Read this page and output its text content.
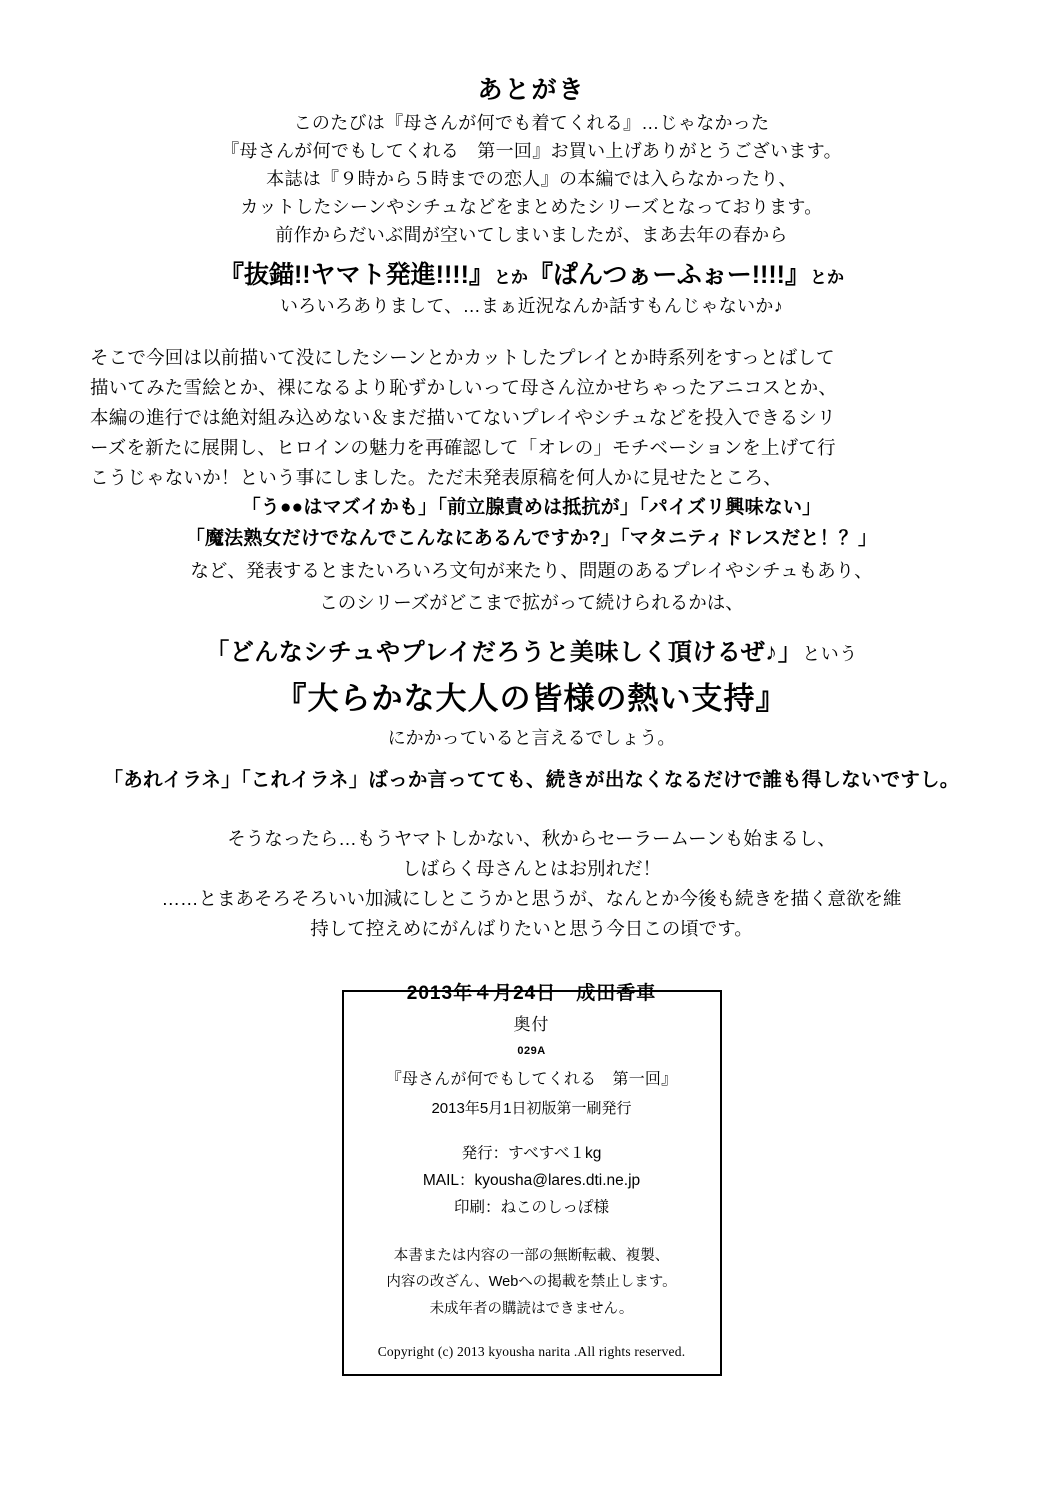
あとがき
このたびは『母さんが何でも着てくれる』…じゃなかった
『母さんが何でもしてくれる　第一回』お買い上げありがとうございます。
本誌は『９時から５時までの恋人』の本編では入らなかったり、
カットしたシーンやシチュなどをまとめたシリーズとなっております。
前作からだいぶ間が空いてしまいましたが、まあ去年の春から
『抜錨!!ヤマト発進!!!!』とか『ぱんつぁーふぉー!!!!』とか
いろいろありまして、…まぁ近況なんか話すもんじゃないか♪
そこで今回は以前描いて没にしたシーンとかカットしたプレイとか時系列をすっとばして
描いてみた雪絵とか、裸になるより恥ずかしいって母さん泣かせちゃったアニコスとか、
本編の進行では絶対組み込めない＆まだ描いてないプレイやシチュなどを投入できるシリ
ーズを新たに展開し、ヒロインの魅力を再確認して「オレの」モチベーションを上げて行
こうじゃないか！という事にしました。ただ未発表原稿を何人かに見せたところ、
「う●●はマズイかも」「前立腺責めは抵抗が」「パイズリ興味ない」
「魔法熟女だけでなんでこんなにあるんですか?」「マタニティドレスだと！？」
など、発表するとまたいろいろ文句が来たり、問題のあるプレイやシチュもあり、
このシリーズがどこまで拡がって続けられるかは、
「どんなシチュやプレイだろうと美味しく頂けるぜ♪」という
『大らかな大人の皆様の熱い支持』
にかかっていると言えるでしょう。
「あれイラネ」「これイラネ」ばっか言ってても、続きが出なくなるだけで誰も得しないですし。
そうなったら…もうヤマトしかない、秋からセーラームーンも始まるし、
しばらく母さんとはお別れだ！
……とまあそろそろいい加減にしとこうかと思うが、なんとか今後も続きを描く意欲を維
持して控えめにがんばりたいと思う今日この頃です。
2013年４月24日　成田香車
奥付
029A
『母さんが何でもしてくれる　第一回』
2013年5月1日初版第一刷発行
発行：すべすべ１kg
MAIL：kyousha@lares.dti.ne.jp
印刷：ねこのしっぽ様
本書または内容の一部の無断転載、複製、
内容の改ざん、Webへの掲載を禁止します。
未成年者の購読はできません。
Copyright (c) 2013 kyousha narita .All rights reserved.
